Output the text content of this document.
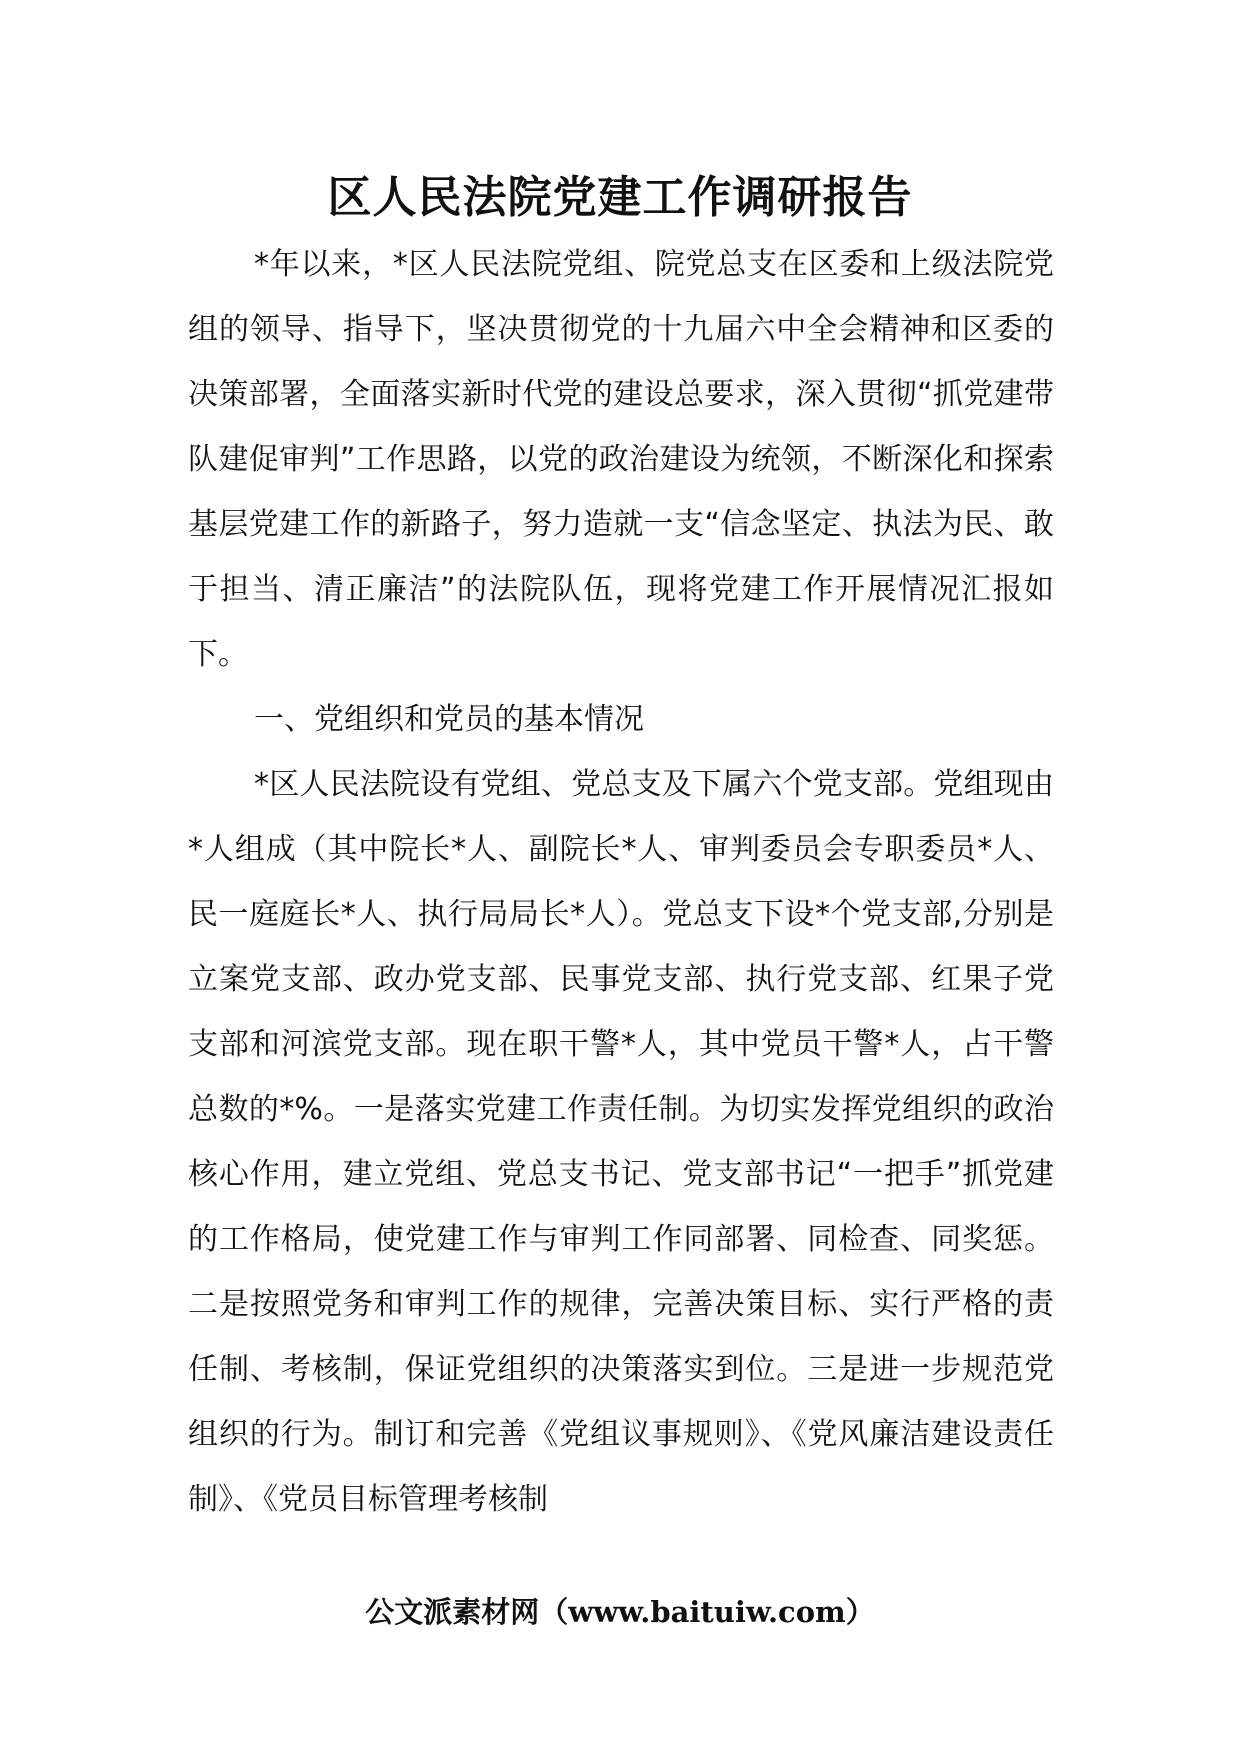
区人民法院党建工作调研报告

*年以来，*区人民法院党组、院党总支在区委和上级法院党组的领导、指导下，坚决贯彻党的十九届六中全会精神和区委的决策部署，全面落实新时代党的建设总要求，深入贯彻“抓党建带队建促审判”工作思路，以党的政治建设为统领，不断深化和探索基层党建工作的新路子，努力造就一支“信念坚定、执法为民、敢于担当、清正廉洁”的法院队伍，现将党建工作开展情况汇报如下。

一、党组织和党员的基本情况

*区人民法院设有党组、党总支及下属六个党支部。党组现由*人组成（其中院长*人、副院长*人、审判委员会专职委员*人、民一庭庭长*人、执行局局长*人）。党总支下设*个党支部,分别是立案党支部、政办党支部、民事党支部、执行党支部、红果子党支部和河滨党支部。现在职干警*人，其中党员干警*人，占干警总数的*%。一是落实党建工作责任制。为切实发挥党组织的政治核心作用，建立党组、党总支书记、党支部书记“一把手”抓党建的工作格局，使党建工作与审判工作同部署、同检查、同奖惩。二是按照党务和审判工作的规律，完善决策目标、实行严格的责任制、考核制，保证党组织的决策落实到位。三是进一步规范党组织的行为。制订和完善《党组议事规则》、《党风廉洁建设责任制》、《党员目标管理考核制

公文派素材网（www.baituiw.com）
